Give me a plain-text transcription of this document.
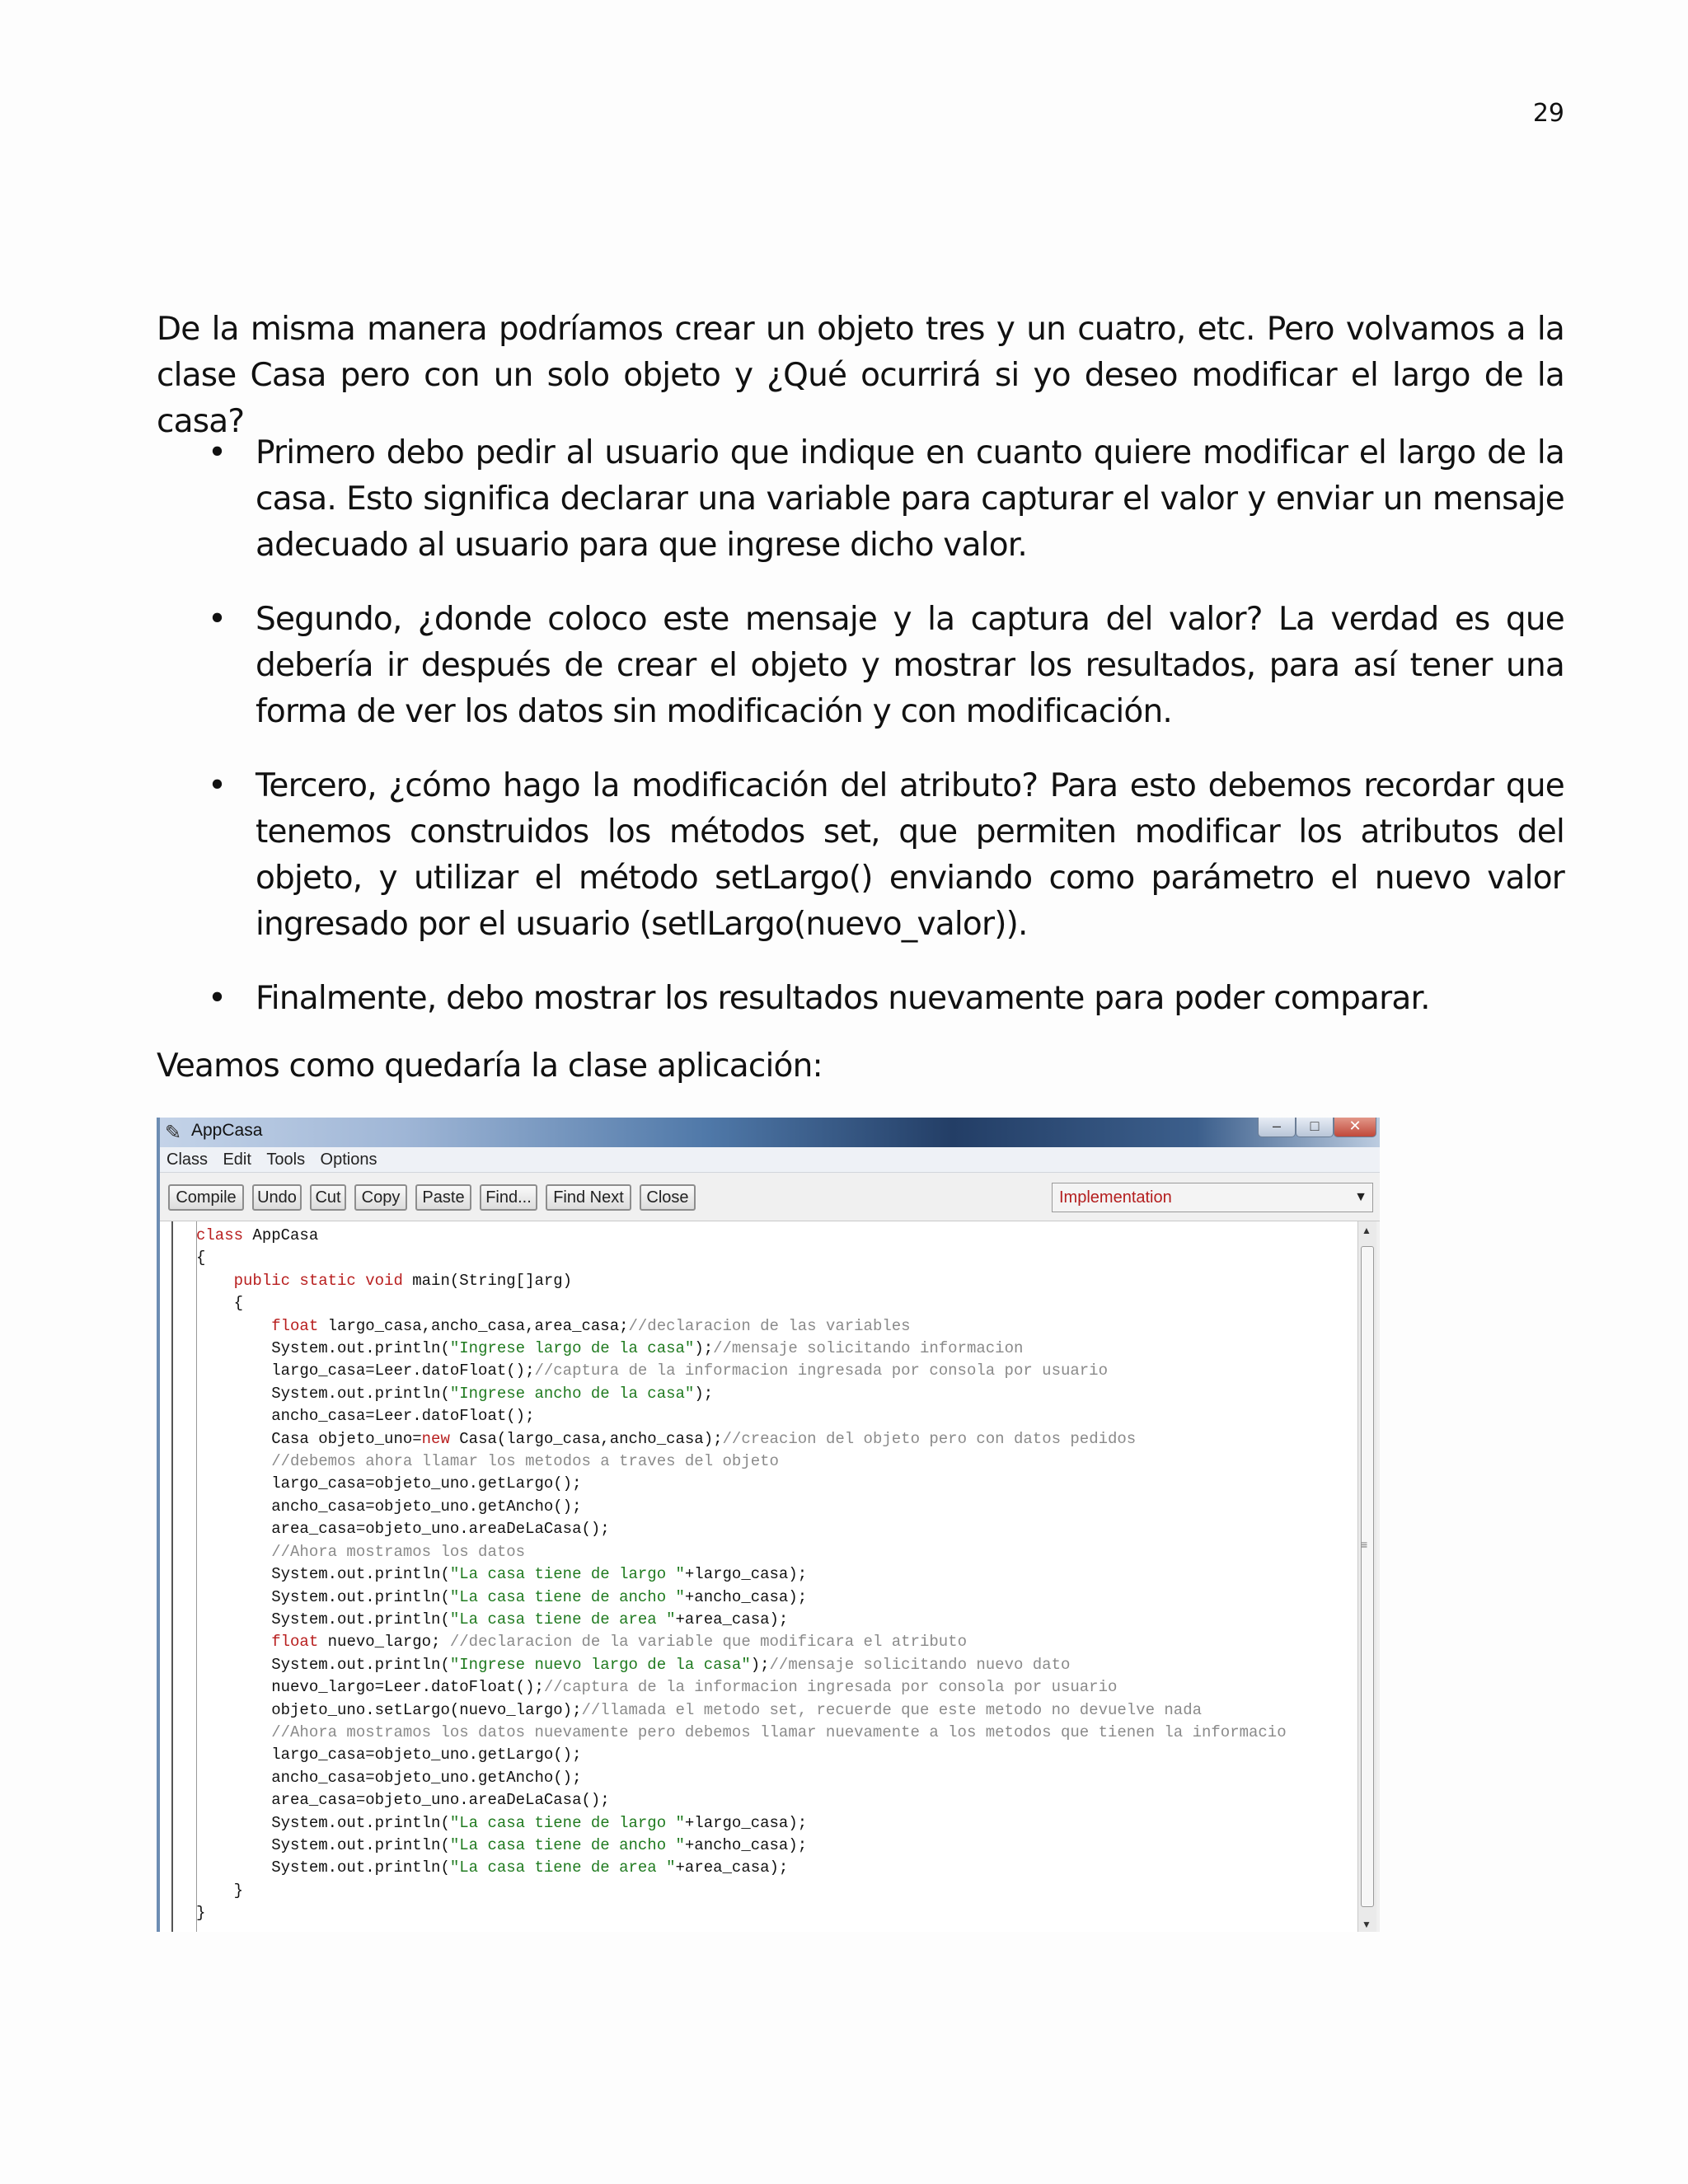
29

De la misma manera podríamos crear un objeto tres y un cuatro, etc. Pero volvamos a la clase Casa pero con un solo objeto y ¿Qué ocurrirá si yo deseo modificar el largo de la casa?

• Primero debo pedir al usuario que indique en cuanto quiere modificar el largo de la casa. Esto significa declarar una variable para capturar el valor y enviar un mensaje adecuado al usuario para que ingrese dicho valor.
• Segundo, ¿donde coloco este mensaje y la captura del valor? La verdad es que debería ir después de crear el objeto y mostrar los resultados, para así tener una forma de ver los datos sin modificación y con modificación.
• Tercero, ¿cómo hago la modificación del atributo? Para esto debemos recordar que tenemos construidos los métodos set, que permiten modificar los atributos del objeto, y utilizar el método setLargo() enviando como parámetro el nuevo valor ingresado por el usuario (setlLargo(nuevo_valor)).
• Finalmente, debo mostrar los resultados nuevamente para poder comparar.

Veamos como quedaría la clase aplicación:

✎ AppCasa	–	□	✕
Class Edit Tools Options
Compile	Undo	Cut	Copy	Paste	Find...	Find Next	Close	Implementation	▼
class AppCasa
{
public static void main(String[]arg)
{
float largo_casa,ancho_casa,area_casa;//declaracion de las variables
System.out.println("Ingrese largo de la casa");//mensaje solicitando informacion
largo_casa=Leer.datoFloat();//captura de la informacion ingresada por consola por usuario
System.out.println("Ingrese ancho de la casa");
ancho_casa=Leer.datoFloat();
Casa objeto_uno=new Casa(largo_casa,ancho_casa);//creacion del objeto pero con datos pedidos
//debemos ahora llamar los metodos a traves del objeto
largo_casa=objeto_uno.getLargo();
ancho_casa=objeto_uno.getAncho();
area_casa=objeto_uno.areaDeLaCasa();
//Ahora mostramos los datos
System.out.println("La casa tiene de largo "+largo_casa);
System.out.println("La casa tiene de ancho "+ancho_casa);
System.out.println("La casa tiene de area "+area_casa);
float nuevo_largo; //declaracion de la variable que modificara el atributo
System.out.println("Ingrese nuevo largo de la casa");//mensaje solicitando nuevo dato
nuevo_largo=Leer.datoFloat();//captura de la informacion ingresada por consola por usuario
objeto_uno.setLargo(nuevo_largo);//llamada el metodo set, recuerde que este metodo no devuelve nada
//Ahora mostramos los datos nuevamente pero debemos llamar nuevamente a los metodos que tienen la informacio
largo_casa=objeto_uno.getLargo();
ancho_casa=objeto_uno.getAncho();
area_casa=objeto_uno.areaDeLaCasa();
System.out.println("La casa tiene de largo "+largo_casa);
System.out.println("La casa tiene de ancho "+ancho_casa);
System.out.println("La casa tiene de area "+area_casa);
}
}
▲
≡
▼
